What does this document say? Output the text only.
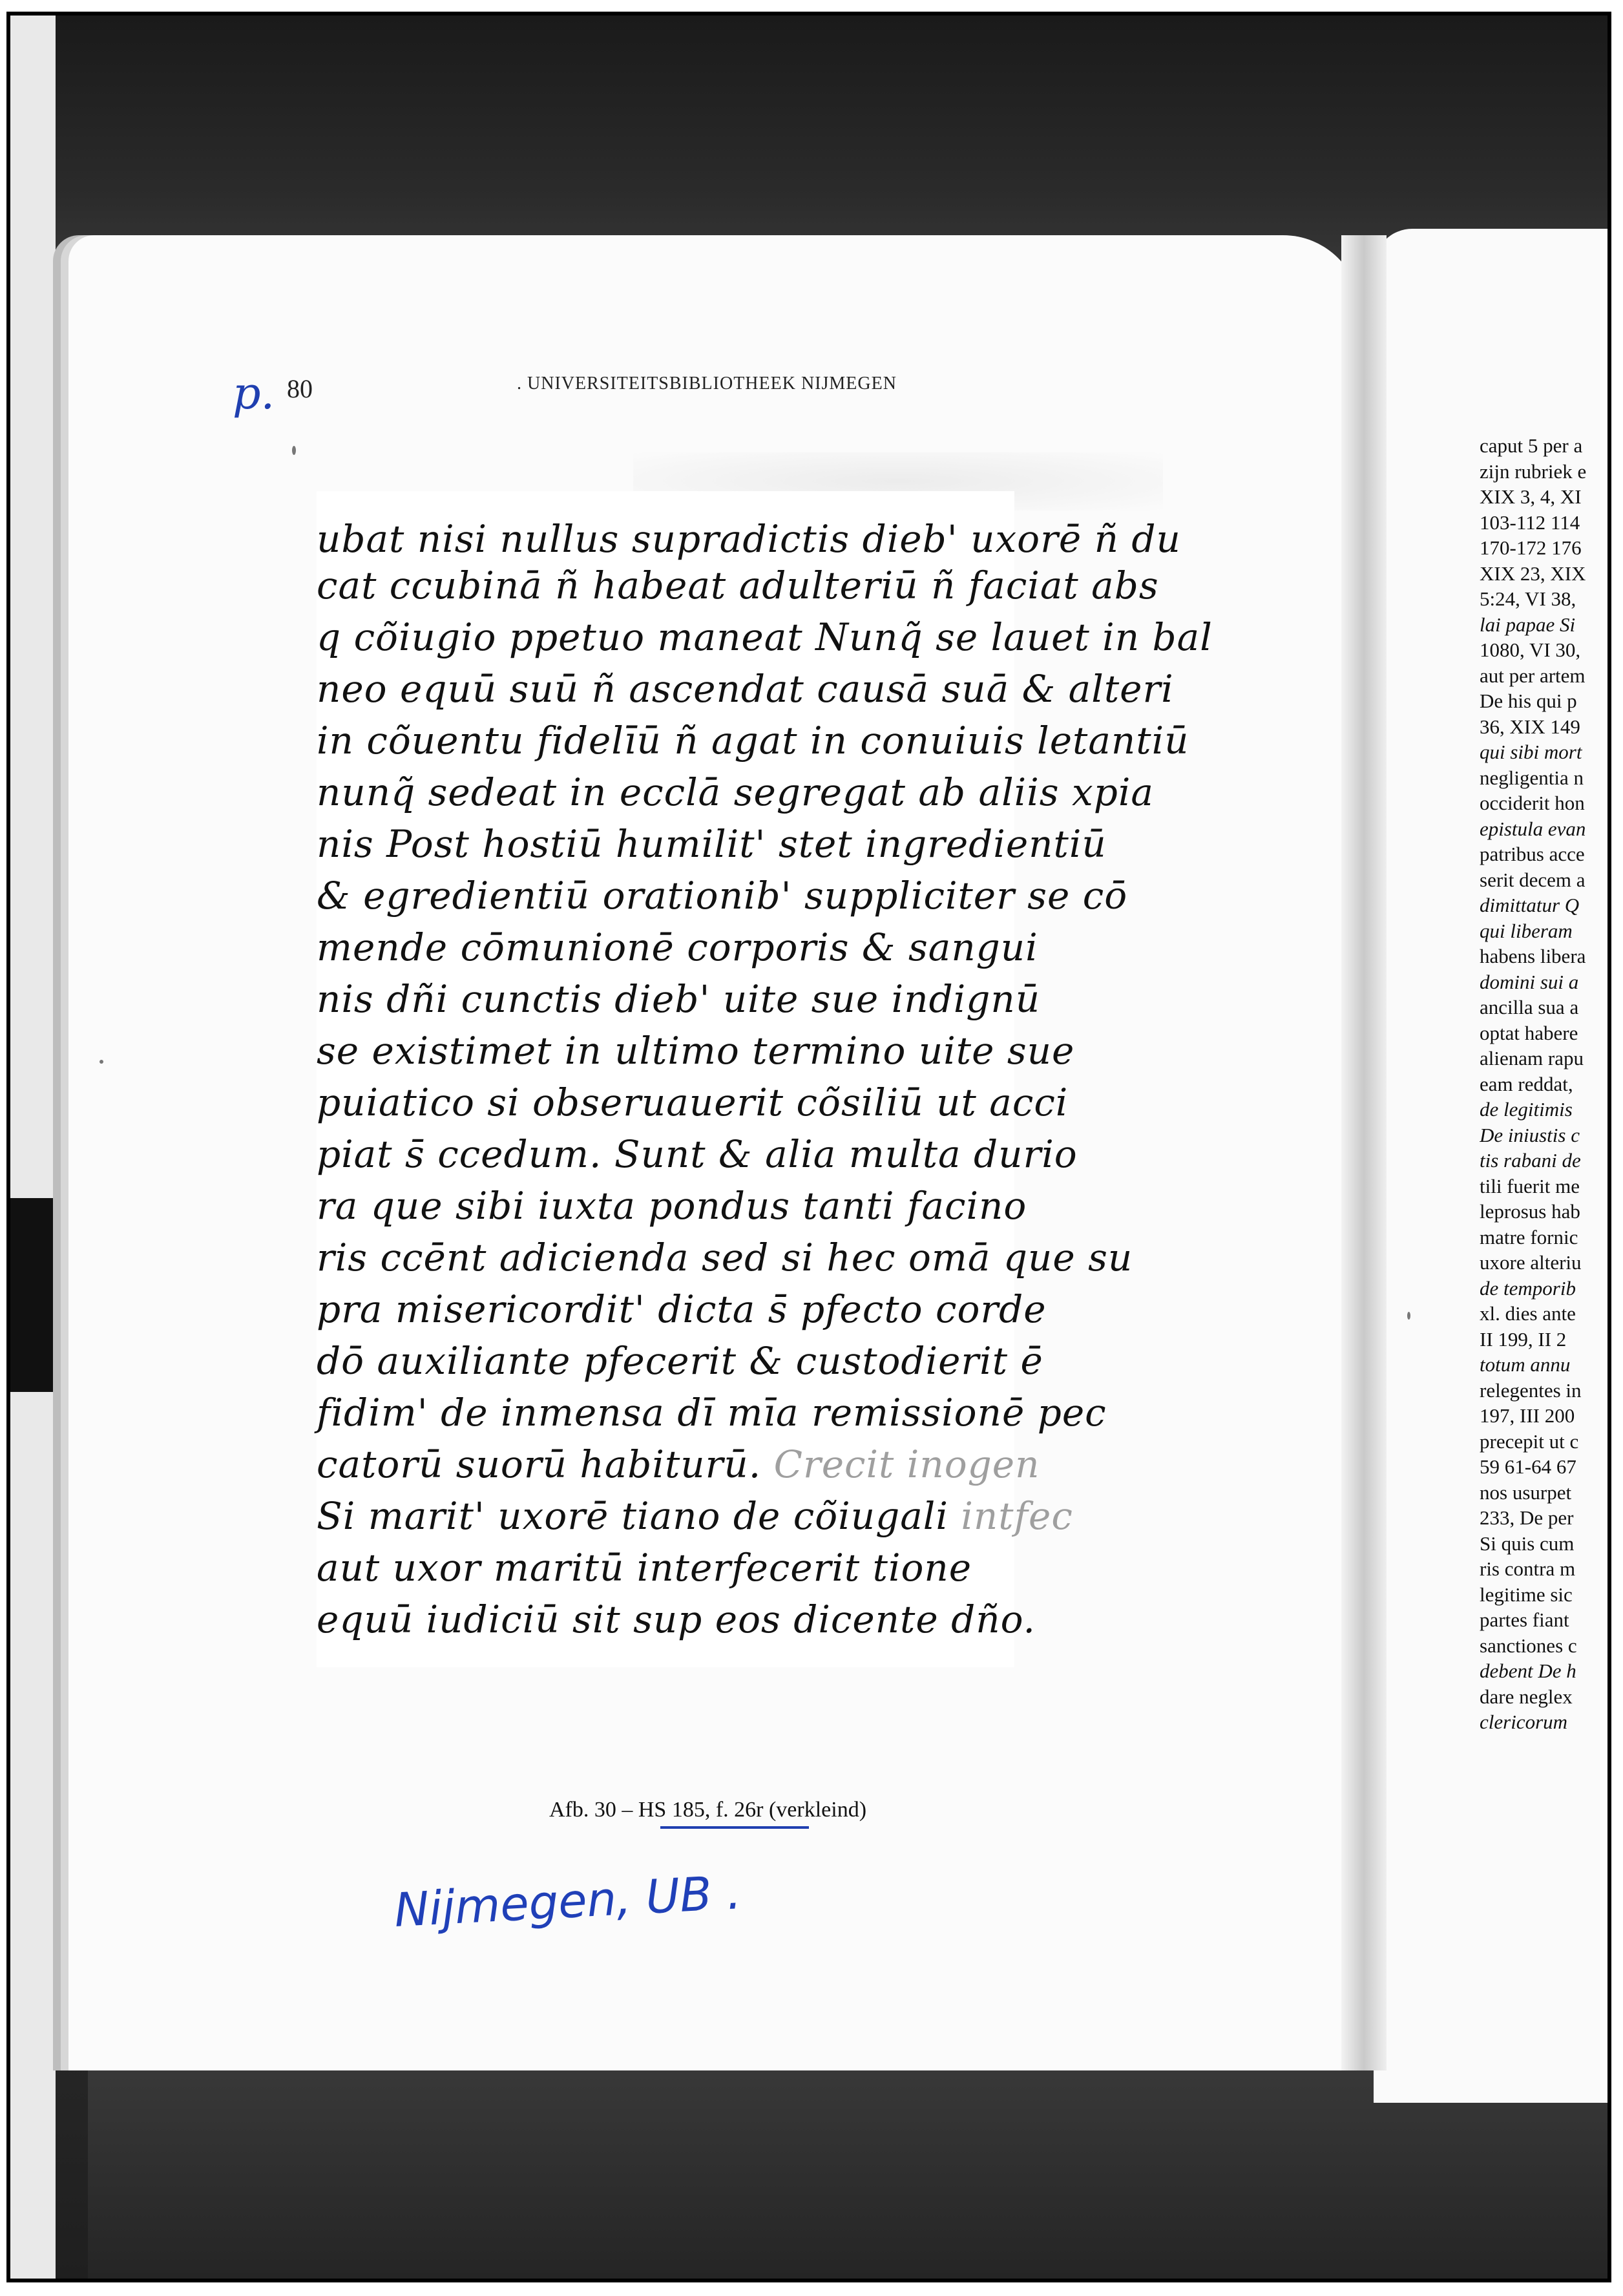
p. 80	. UNIVERSITEITSBIBLIOTHEEK NIJMEGEN
ubat nisi nullus supradictis dieb' uxorē ñ du
cat ccubinā ñ habeat adulteriū ñ faciat abs
q cõiugio ppetuo maneat Nunq̃ se lauet in bal
neo equū suū ñ ascendat causā suā & alteri
in cõuentu fidelīū ñ agat in conuiuis letantiū
nunq̃ sedeat in ecclā segregat ab aliis xpia
nis Post hostiū humilit' stet ingredientiū
& egredientiū orationib' suppliciter se cō
mende cōmunionē corporis & sangui
nis dñi cunctis dieb' uite sue indignū
se existimet in ultimo termino uite sue
puiatico si obseruauerit cõsiliū ut acci
piat s̄ ccedum. Sunt & alia multa durio
ra que sibi iuxta pondus tanti facino
ris ccēnt adicienda sed si hec omā que su
pra misericordit' dicta s̄ pfecto corde
dō auxiliante pfecerit & custodierit ē
fidim' de inmensa dī mīa remissionē pec
catorū suorū habiturū. Crecit inogen
Si marit' uxorē tiano de cõiugali intfec
aut uxor maritū interfecerit tione
equū iudiciū sit sup eos dicente dño.
Afb. 30 – HS 185, f. 26r (verkleind)
Nijmegen, UB .
caput 5 per a
zijn rubriek e
XIX 3, 4, XI
103-112 114
170-172 176
XIX 23, XIX
5:24, VI 38,
lai papae Si
1080, VI 30,
aut per artem
De his qui p
36, XIX 149
qui sibi mort
negligentia n
occiderit hon
epistula evan
patribus acce
serit decem a
dimittatur Q
qui liberam
habens libera
domini sui a
ancilla sua a
optat habere
alienam rapu
eam reddat,
de legitimis
De iniustis c
tis rabani de
tili fuerit me
leprosus hab
matre fornic
uxore alteriu
de temporib
xl. dies ante
II 199, II 2
totum annu
relegentes in
197, III 200
precepit ut c
59 61-64 67
nos usurpet
233, De per
Si quis cum
ris contra m
legitime sic
partes fiant
sanctiones c
debent De h
dare neglex
clericorum
